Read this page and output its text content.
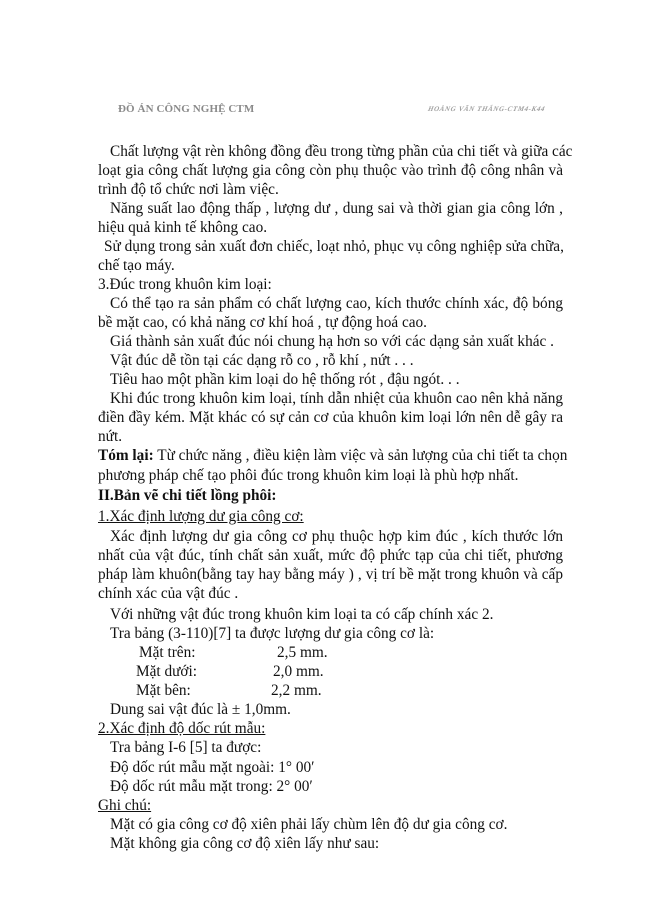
ĐỒ ÁN CÔNG NGHỆ CTM	HOÀNG VĂN THẮNG-CTM4-K44
Chất lượng vật rèn không đồng đều trong từng phần của chi tiết và giữa các
loạt gia công chất lượng gia công còn phụ thuộc vào trình độ công nhân và
trình độ tổ chức nơi làm việc.
Năng suất lao động thấp , lượng dư , dung sai và thời gian gia công lớn ,
hiệu quả kinh tế không cao.
Sử dụng trong sản xuất đơn chiếc, loạt nhỏ, phục vụ công nghiệp sửa chữa,
chế tạo máy.
3.Đúc trong khuôn kim loại:
Có thể tạo ra sản phẩm có chất lượng cao, kích thước chính xác, độ bóng
bề mặt cao, có khả năng cơ khí hoá , tự động hoá cao.
Giá thành sản xuất đúc nói chung hạ hơn so với các dạng sản xuất khác .
Vật đúc dễ tồn tại các dạng rỗ co , rỗ khí , nứt . . .
Tiêu hao một phần kim loại do hệ thống rót , đậu ngót. . .
Khi đúc trong khuôn kim loại, tính dẫn nhiệt của khuôn cao nên khả năng
điền đầy kém. Mặt khác có sự cản cơ của khuôn kim loại lớn nên dễ gây ra
nứt.
Tóm lại: Từ chức năng , điều kiện làm việc và sản lượng của chi tiết ta chọn
phương pháp chế tạo phôi đúc trong khuôn kim loại là phù hợp nhất.
II.Bản vẽ chi tiết lồng phôi:
1.Xác định lượng dư gia công cơ:
Xác định lượng dư gia công cơ phụ thuộc hợp kim đúc , kích thước lớn
nhất của vật đúc, tính chất sản xuất, mức độ phức tạp của chi tiết, phương
pháp làm khuôn(bằng tay hay bằng máy ) , vị trí bề mặt trong khuôn và cấp
chính xác của vật đúc .
Với những vật đúc trong khuôn kim loại ta có cấp chính xác 2.
Tra bảng (3-110)[7] ta được lượng dư gia công cơ là:
Mặt trên:	2,5 mm.
Mặt dưới:	2,0 mm.
Mặt bên:	2,2 mm.
Dung sai vật đúc là ± 1,0mm.
2.Xác định độ dốc rút mẫu:
Tra bảng I-6 [5] ta được:
Độ dốc rút mẫu mặt ngoài: 1° 00′
Độ dốc rút mẫu mặt trong: 2° 00′
Ghi chú:
Mặt có gia công cơ độ xiên phải lấy chùm lên độ dư gia công cơ.
Mặt không gia công cơ độ xiên lấy như sau:
